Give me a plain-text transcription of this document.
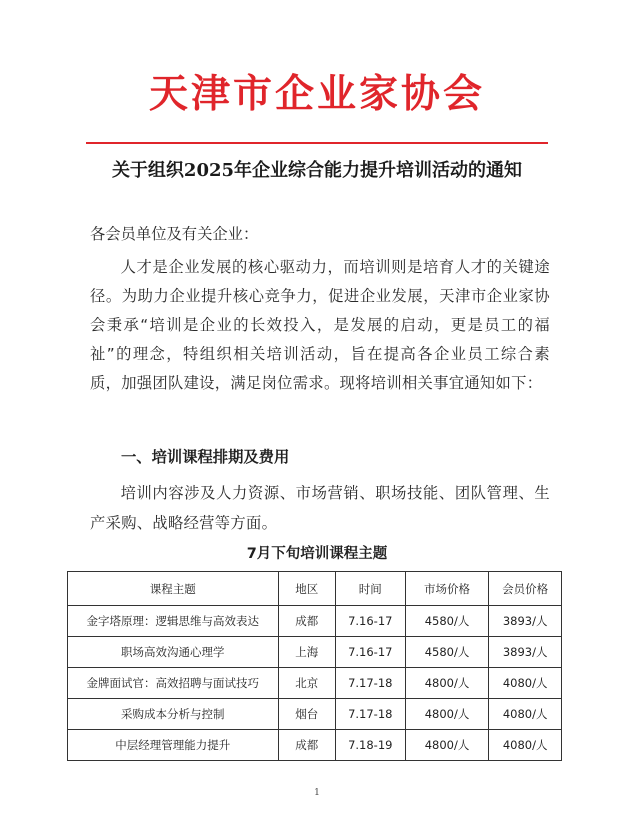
天津市企业家协会
关于组织2025年企业综合能力提升培训活动的通知
各会员单位及有关企业：
人才是企业发展的核心驱动力，而培训则是培育人才的关键途径。为助力企业提升核心竞争力，促进企业发展，天津市企业家协会秉承“培训是企业的长效投入，是发展的启动，更是员工的福祉”的理念，特组织相关培训活动，旨在提高各企业员工综合素质，加强团队建设，满足岗位需求。现将培训相关事宜通知如下：
一、培训课程排期及费用
培训内容涉及人力资源、市场营销、职场技能、团队管理、生产采购、战略经营等方面。
7月下旬培训课程主题
课程主题	地区	时间	市场价格	会员价格
金字塔原理：逻辑思维与高效表达	成都	7.16-17	4580/人	3893/人
职场高效沟通心理学	上海	7.16-17	4580/人	3893/人
金牌面试官：高效招聘与面试技巧	北京	7.17-18	4800/人	4080/人
采购成本分析与控制	烟台	7.17-18	4800/人	4080/人
中层经理管理能力提升	成都	7.18-19	4800/人	4080/人
1
